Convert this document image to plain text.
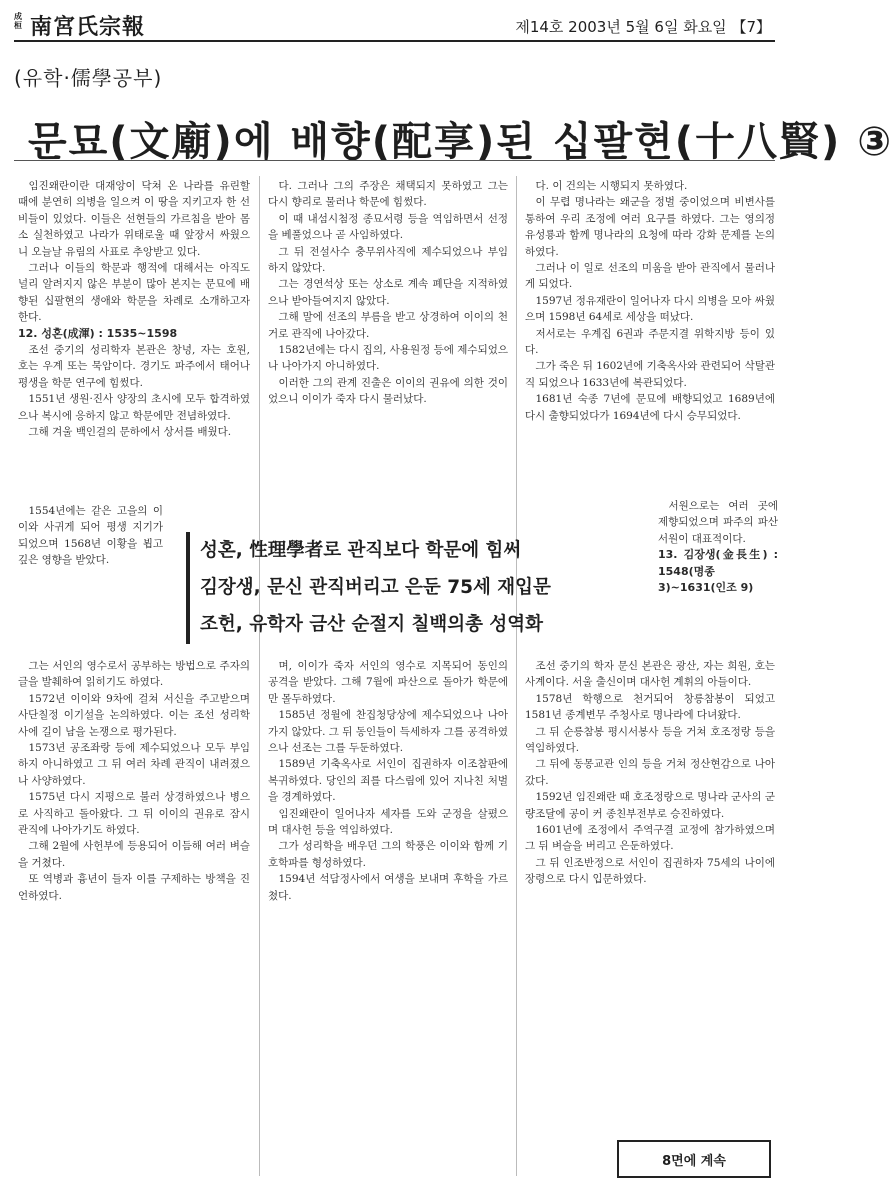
成桓 南宮氏宗報	제14호 2003년 5월 6일 화요일 【7】
(유학·儒學공부)
문묘(文廟)에 배향(配享)된 십팔현(十八賢) ③

임진왜란이란 대재앙이 닥쳐 온 나라를 유린할 때에 분연히 의병을 일으켜 이 땅을 지키고자 한 선비들이 있었다. 이들은 선현들의 가르침을 받아 몸소 실천하였고 나라가 위태로울 때 앞장서 싸웠으니 오늘날 유림의 사표로 추앙받고 있다.

그러나 이들의 학문과 행적에 대해서는 아직도 널리 알려지지 않은 부분이 많아 본지는 문묘에 배향된 십팔현의 생애와 학문을 차례로 소개하고자 한다.

12. 성혼(成渾) : 1535~1598

조선 중기의 성리학자 본관은 창녕, 자는 호원, 호는 우계 또는 묵암이다. 경기도 파주에서 태어나 평생을 학문 연구에 힘썼다.

1551년 생원·진사 양장의 초시에 모두 합격하였으나 복시에 응하지 않고 학문에만 전념하였다.

그해 겨울 백인걸의 문하에서 상서를 배웠다.

1554년에는 같은 고을의 이이와 사귀게 되어 평생 지기가 되었으며 1568년 이황을 뵙고 깊은 영향을 받았다.

그는 서인의 영수로서 공부하는 방법으로 주자의 글을 발췌하여 읽히기도 하였다.

1572년 이이와 9차에 걸쳐 서신을 주고받으며 사단칠정 이기설을 논의하였다. 이는 조선 성리학사에 길이 남을 논쟁으로 평가된다.

1573년 공조좌랑 등에 제수되었으나 모두 부임하지 아니하였고 그 뒤 여러 차례 관직이 내려졌으나 사양하였다.

1575년 다시 지평으로 불러 상경하였으나 병으로 사직하고 돌아왔다. 그 뒤 이이의 권유로 잠시 관직에 나아가기도 하였다.

그해 2월에 사헌부에 등용되어 이듬해 여러 벼슬을 거쳤다.

또 역병과 흉년이 들자 이를 구제하는 방책을 진언하였다.

다. 그러나 그의 주장은 채택되지 못하였고 그는 다시 향리로 물러나 학문에 힘썼다.

이 때 내섬시첨정 종묘서령 등을 역임하면서 선정을 베풀었으나 곧 사임하였다.

그 뒤 전설사수 충무위사직에 제수되었으나 부임하지 않았다.

그는 경연석상 또는 상소로 계속 폐단을 지적하였으나 받아들여지지 않았다.

그해 말에 선조의 부름을 받고 상경하여 이이의 천거로 관직에 나아갔다.

1582년에는 다시 집의, 사용원정 등에 제수되었으나 나아가지 아니하였다.

이러한 그의 관계 진출은 이이의 권유에 의한 것이었으니 이이가 죽자 다시 물러났다.

며, 이이가 죽자 서인의 영수로 지목되어 동인의 공격을 받았다. 그해 7월에 파산으로 돌아가 학문에만 몰두하였다.

1585년 정월에 찬집청당상에 제수되었으나 나아가지 않았다. 그 뒤 동인들이 득세하자 그를 공격하였으나 선조는 그를 두둔하였다.

1589년 기축옥사로 서인이 집권하자 이조참판에 복귀하였다. 당인의 죄를 다스림에 있어 지나친 처벌을 경계하였다.

임진왜란이 일어나자 세자를 도와 군정을 살폈으며 대사헌 등을 역임하였다.

그가 성리학을 배우던 그의 학풍은 이이와 함께 기호학파를 형성하였다.

1594년 석담정사에서 여생을 보내며 후학을 가르쳤다.

다. 이 건의는 시행되지 못하였다.

이 무렵 명나라는 왜군을 정벌 중이었으며 비변사를 통하여 우리 조정에 여러 요구를 하였다. 그는 영의정 유성룡과 함께 명나라의 요청에 따라 강화 문제를 논의하였다.

그러나 이 일로 선조의 미움을 받아 관직에서 물러나게 되었다.

1597년 정유재란이 일어나자 다시 의병을 모아 싸웠으며 1598년 64세로 세상을 떠났다.

저서로는 우계집 6권과 주문지결 위학지방 등이 있다.

그가 죽은 뒤 1602년에 기축옥사와 관련되어 삭탈관직 되었으나 1633년에 복관되었다.

1681년 숙종 7년에 문묘에 배향되었고 1689년에 다시 출향되었다가 1694년에 다시 승무되었다.

서원으로는 여러 곳에 제향되었으며 파주의 파산서원이 대표적이다.

13. 김장생(金長生) : 1548(명종 3)~1631(인조 9)

조선 중기의 학자 문신 본관은 광산, 자는 희원, 호는 사계이다. 서울 출신이며 대사헌 계휘의 아들이다.

1578년 학행으로 천거되어 창릉참봉이 되었고 1581년 종계변무 주청사로 명나라에 다녀왔다.

그 뒤 순릉참봉 평시서봉사 등을 거쳐 호조정랑 등을 역임하였다.

그 뒤에 동몽교관 인의 등을 거쳐 정산현감으로 나아갔다.

1592년 임진왜란 때 호조정랑으로 명나라 군사의 군량조달에 공이 커 종친부전부로 승진하였다.

1601년에 조정에서 주역구결 교정에 참가하였으며 그 뒤 벼슬을 버리고 은둔하였다.

그 뒤 인조반정으로 서인이 집권하자 75세의 나이에 장령으로 다시 입문하였다.

성혼, 性理學者로 관직보다 학문에 힘써
김장생, 문신 관직버리고 은둔 75세 재입문
조헌, 유학자 금산 순절지 칠백의총 성역화
8면에 계속
